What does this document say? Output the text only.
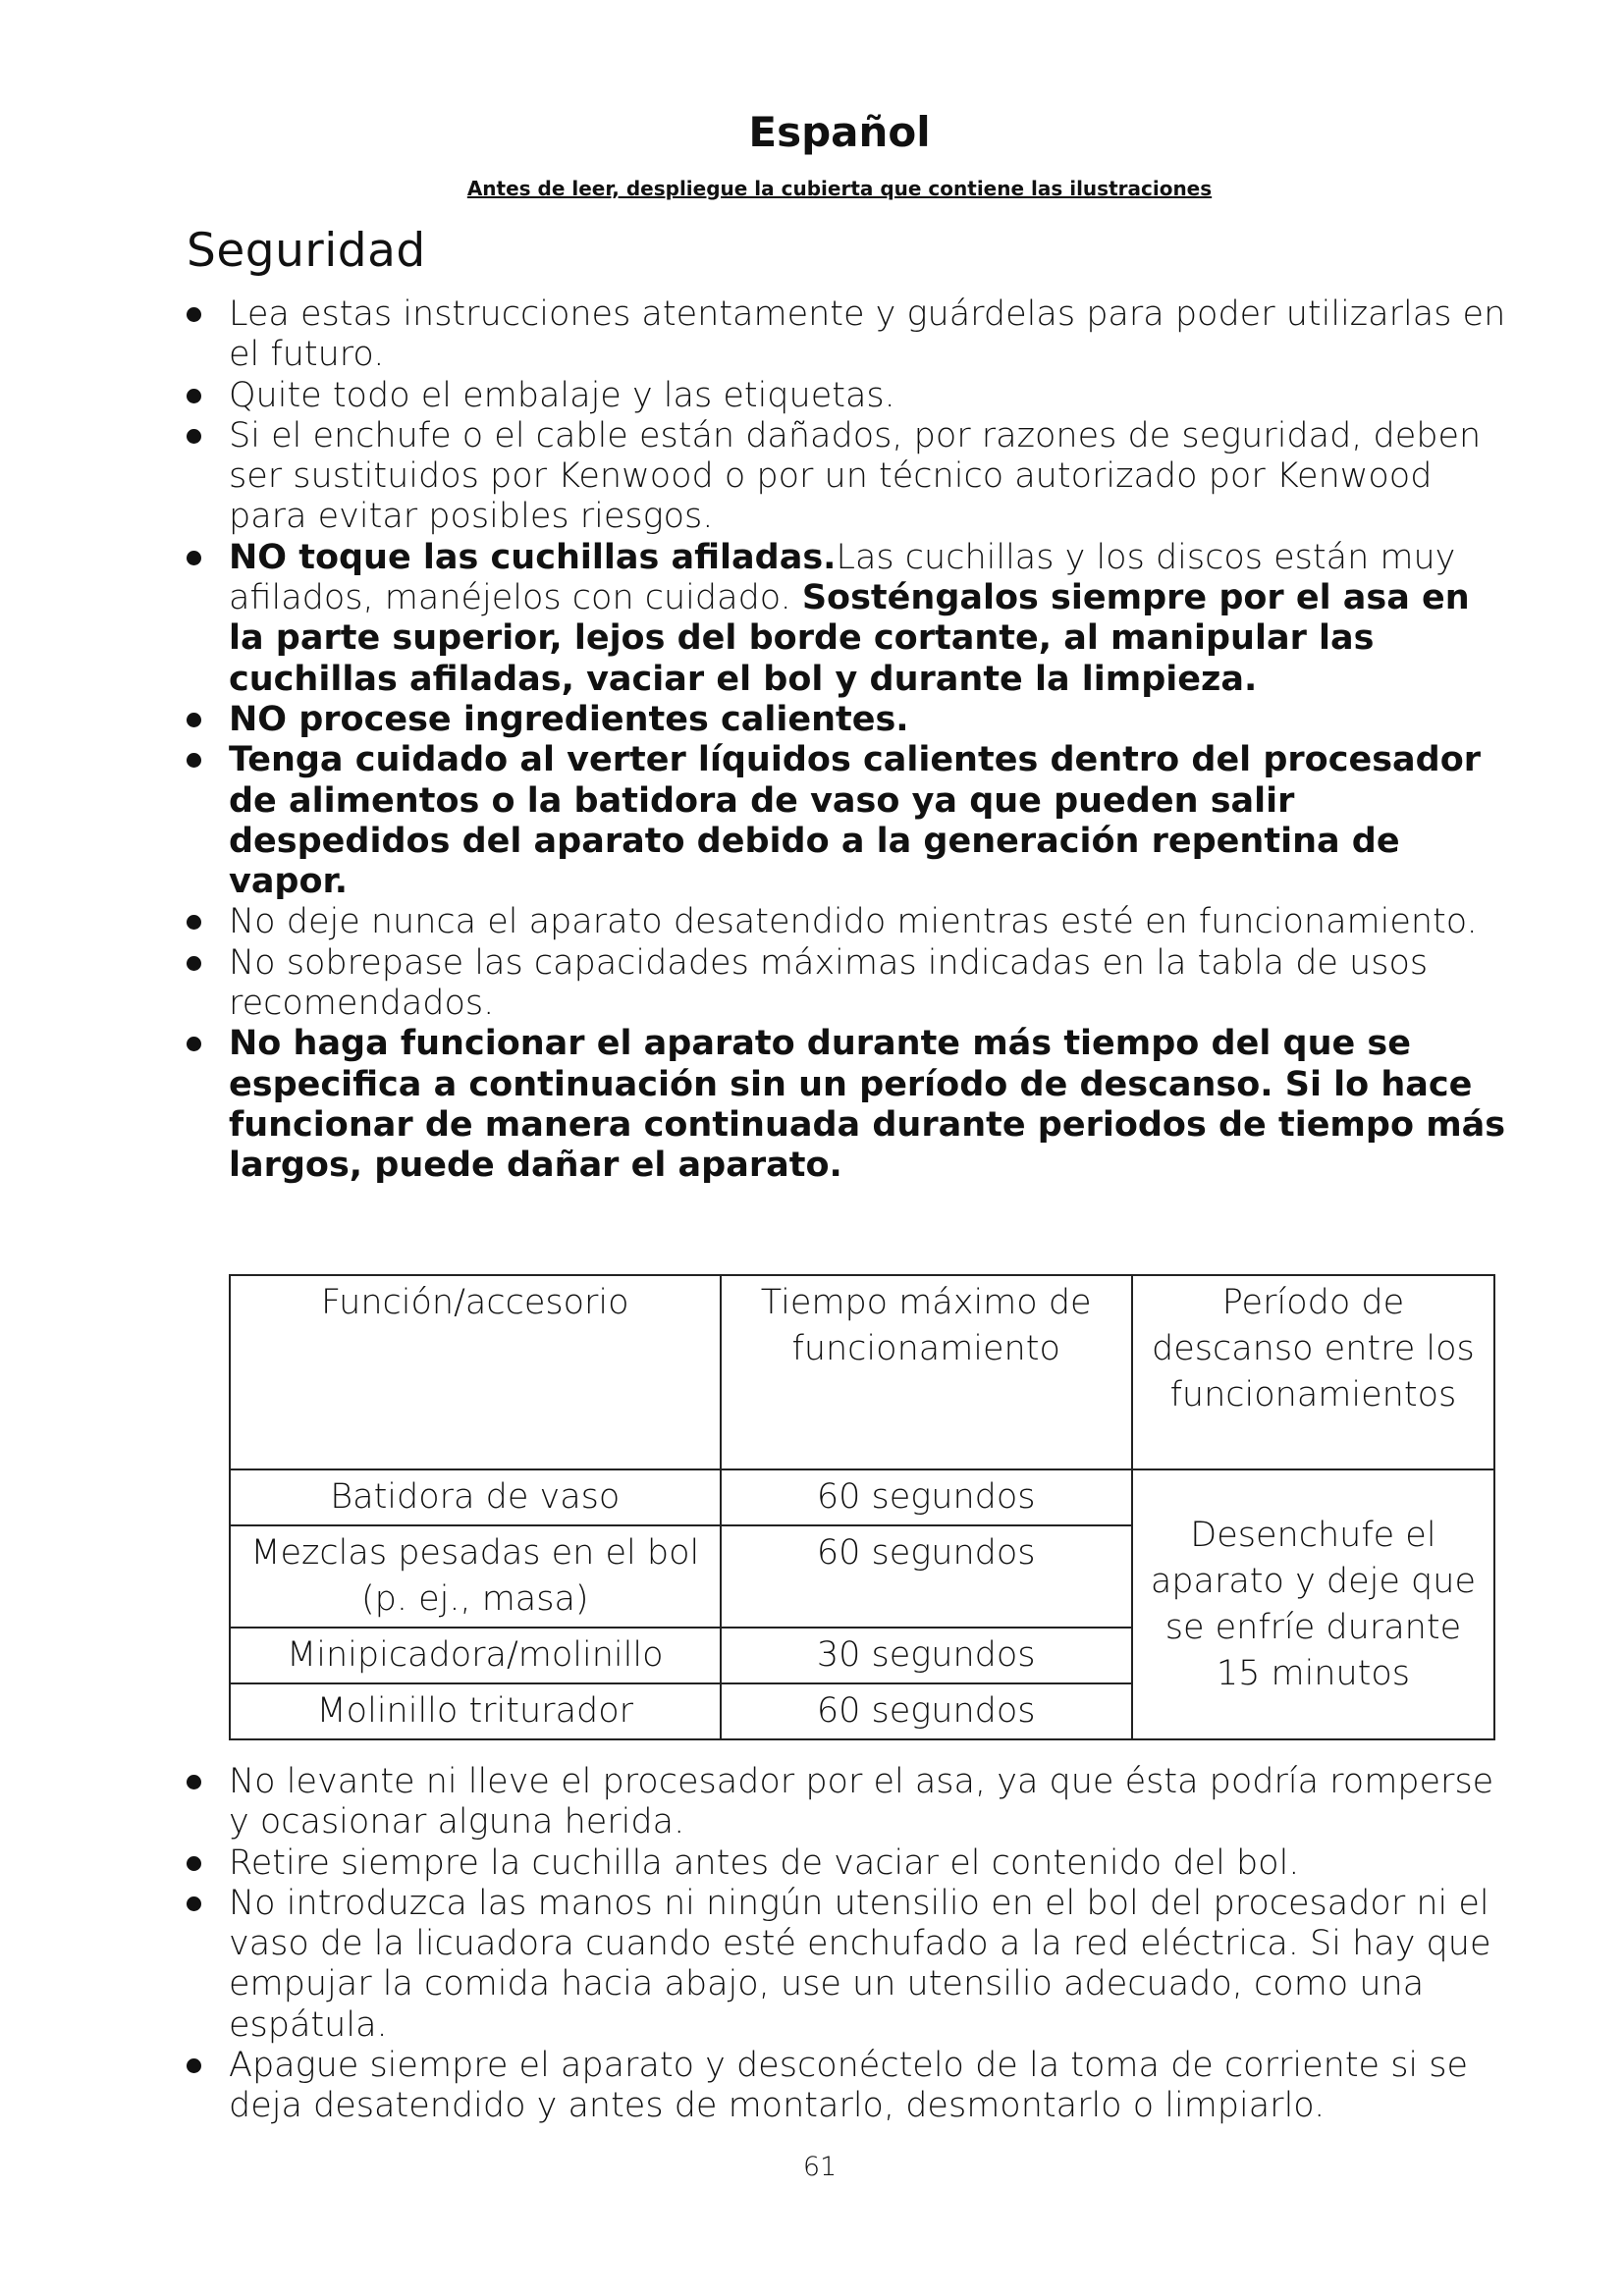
Español
Antes de leer, despliegue la cubierta que contiene las ilustraciones
Seguridad
Lea estas instrucciones atentamente y guárdelas para poder utilizarlas en el futuro.
Quite todo el embalaje y las etiquetas.
Si el enchufe o el cable están dañados, por razones de seguridad, deben ser sustituidos por Kenwood o por un técnico autorizado por Kenwood para evitar posibles riesgos.
NO toque las cuchillas afiladas.Las cuchillas y los discos están muy afilados, manéjelos con cuidado. Sosténgalos siempre por el asa en la parte superior, lejos del borde cortante, al manipular las cuchillas afiladas, vaciar el bol y durante la limpieza.
NO procese ingredientes calientes.
Tenga cuidado al verter líquidos calientes dentro del procesador de alimentos o la batidora de vaso ya que pueden salir despedidos del aparato debido a la generación repentina de vapor.
No deje nunca el aparato desatendido mientras esté en funcionamiento.
No sobrepase las capacidades máximas indicadas en la tabla de usos recomendados.
No haga funcionar el aparato durante más tiempo del que se especifica a continuación sin un período de descanso. Si lo hace funcionar de manera continuada durante periodos de tiempo más largos, puede dañar el aparato.
Función/accesorio	Tiempo máximo de funcionamiento	Período de descanso entre los funcionamientos
Batidora de vaso	60 segundos	Desenchufe el aparato y deje que se enfríe durante 15 minutos
Mezclas pesadas en el bol (p. ej., masa)	60 segundos	
Minipicadora/molinillo	30 segundos	
Molinillo triturador	60 segundos	
No levante ni lleve el procesador por el asa, ya que ésta podría romperse y ocasionar alguna herida.
Retire siempre la cuchilla antes de vaciar el contenido del bol.
No introduzca las manos ni ningún utensilio en el bol del procesador ni el vaso de la licuadora cuando esté enchufado a la red eléctrica. Si hay que empujar la comida hacia abajo, use un utensilio adecuado, como una espátula.
Apague siempre el aparato y desconéctelo de la toma de corriente si se deja desatendido y antes de montarlo, desmontarlo o limpiarlo.
61
